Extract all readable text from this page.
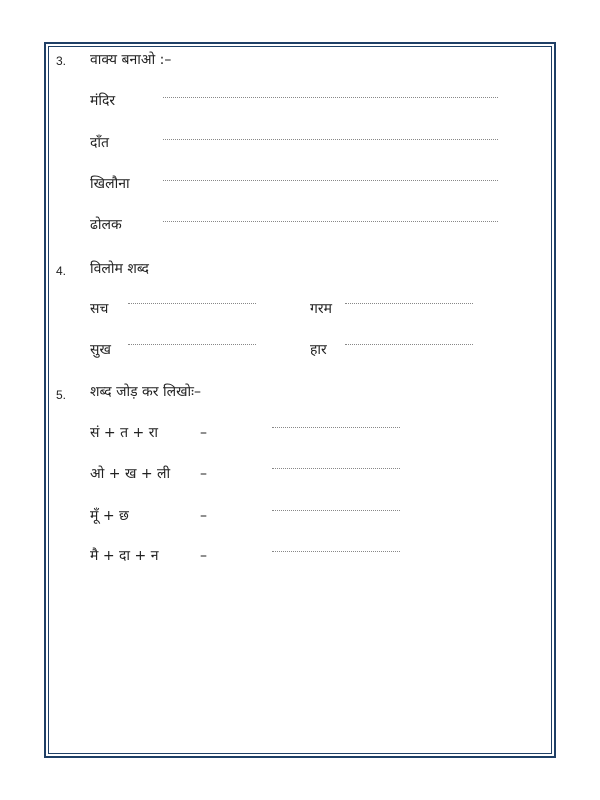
3. वाक्य बनाओ :–
मंदिर
दाँत
खिलौना
ढोलक
4. विलोम शब्द
सच	गरम
सुख	हार
5. शब्द जोड़ कर लिखोः–
सं + त + रा	–
ओ + ख + ली –
मूँ + छ	–
मै + दा + न	–
